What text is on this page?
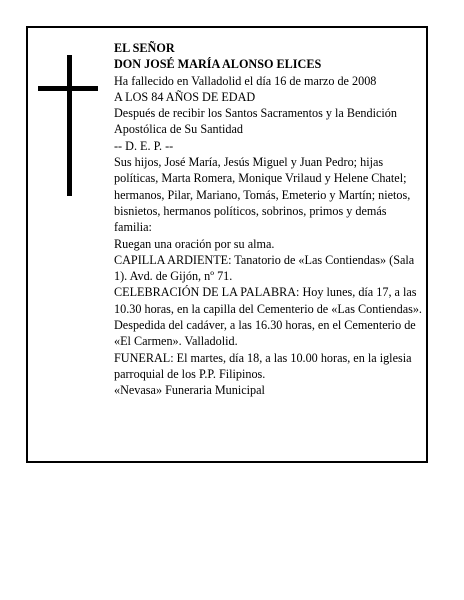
EL SEÑOR

DON JOSÉ MARÍA ALONSO ELICES

Ha fallecido en Valladolid el día 16 de marzo de 2008

A LOS 84 AÑOS DE EDAD

Después de recibir los Santos Sacramentos y la Bendición Apostólica de Su Santidad

-- D. E. P. --

Sus hijos, José María, Jesús Miguel y Juan Pedro; hijas políticas, Marta Romera, Monique Vrilaud y Helene Chatel; hermanos, Pilar, Mariano, Tomás, Emeterio y Martín; nietos, bisnietos, hermanos políticos, sobrinos, primos y demás familia:

Ruegan una oración por su alma.

CAPILLA ARDIENTE: Tanatorio de «Las Contiendas» (Sala 1). Avd. de Gijón, nº 71.

CELEBRACIÓN DE LA PALABRA: Hoy lunes, día 17, a las 10.30 horas, en la capilla del Cementerio de «Las Contiendas». Despedida del cadáver, a las 16.30 horas, en el Cementerio de «El Carmen». Valladolid.

FUNERAL: El martes, día 18, a las 10.00 horas, en la iglesia parroquial de los P.P. Filipinos.

«Nevasa» Funeraria Municipal
